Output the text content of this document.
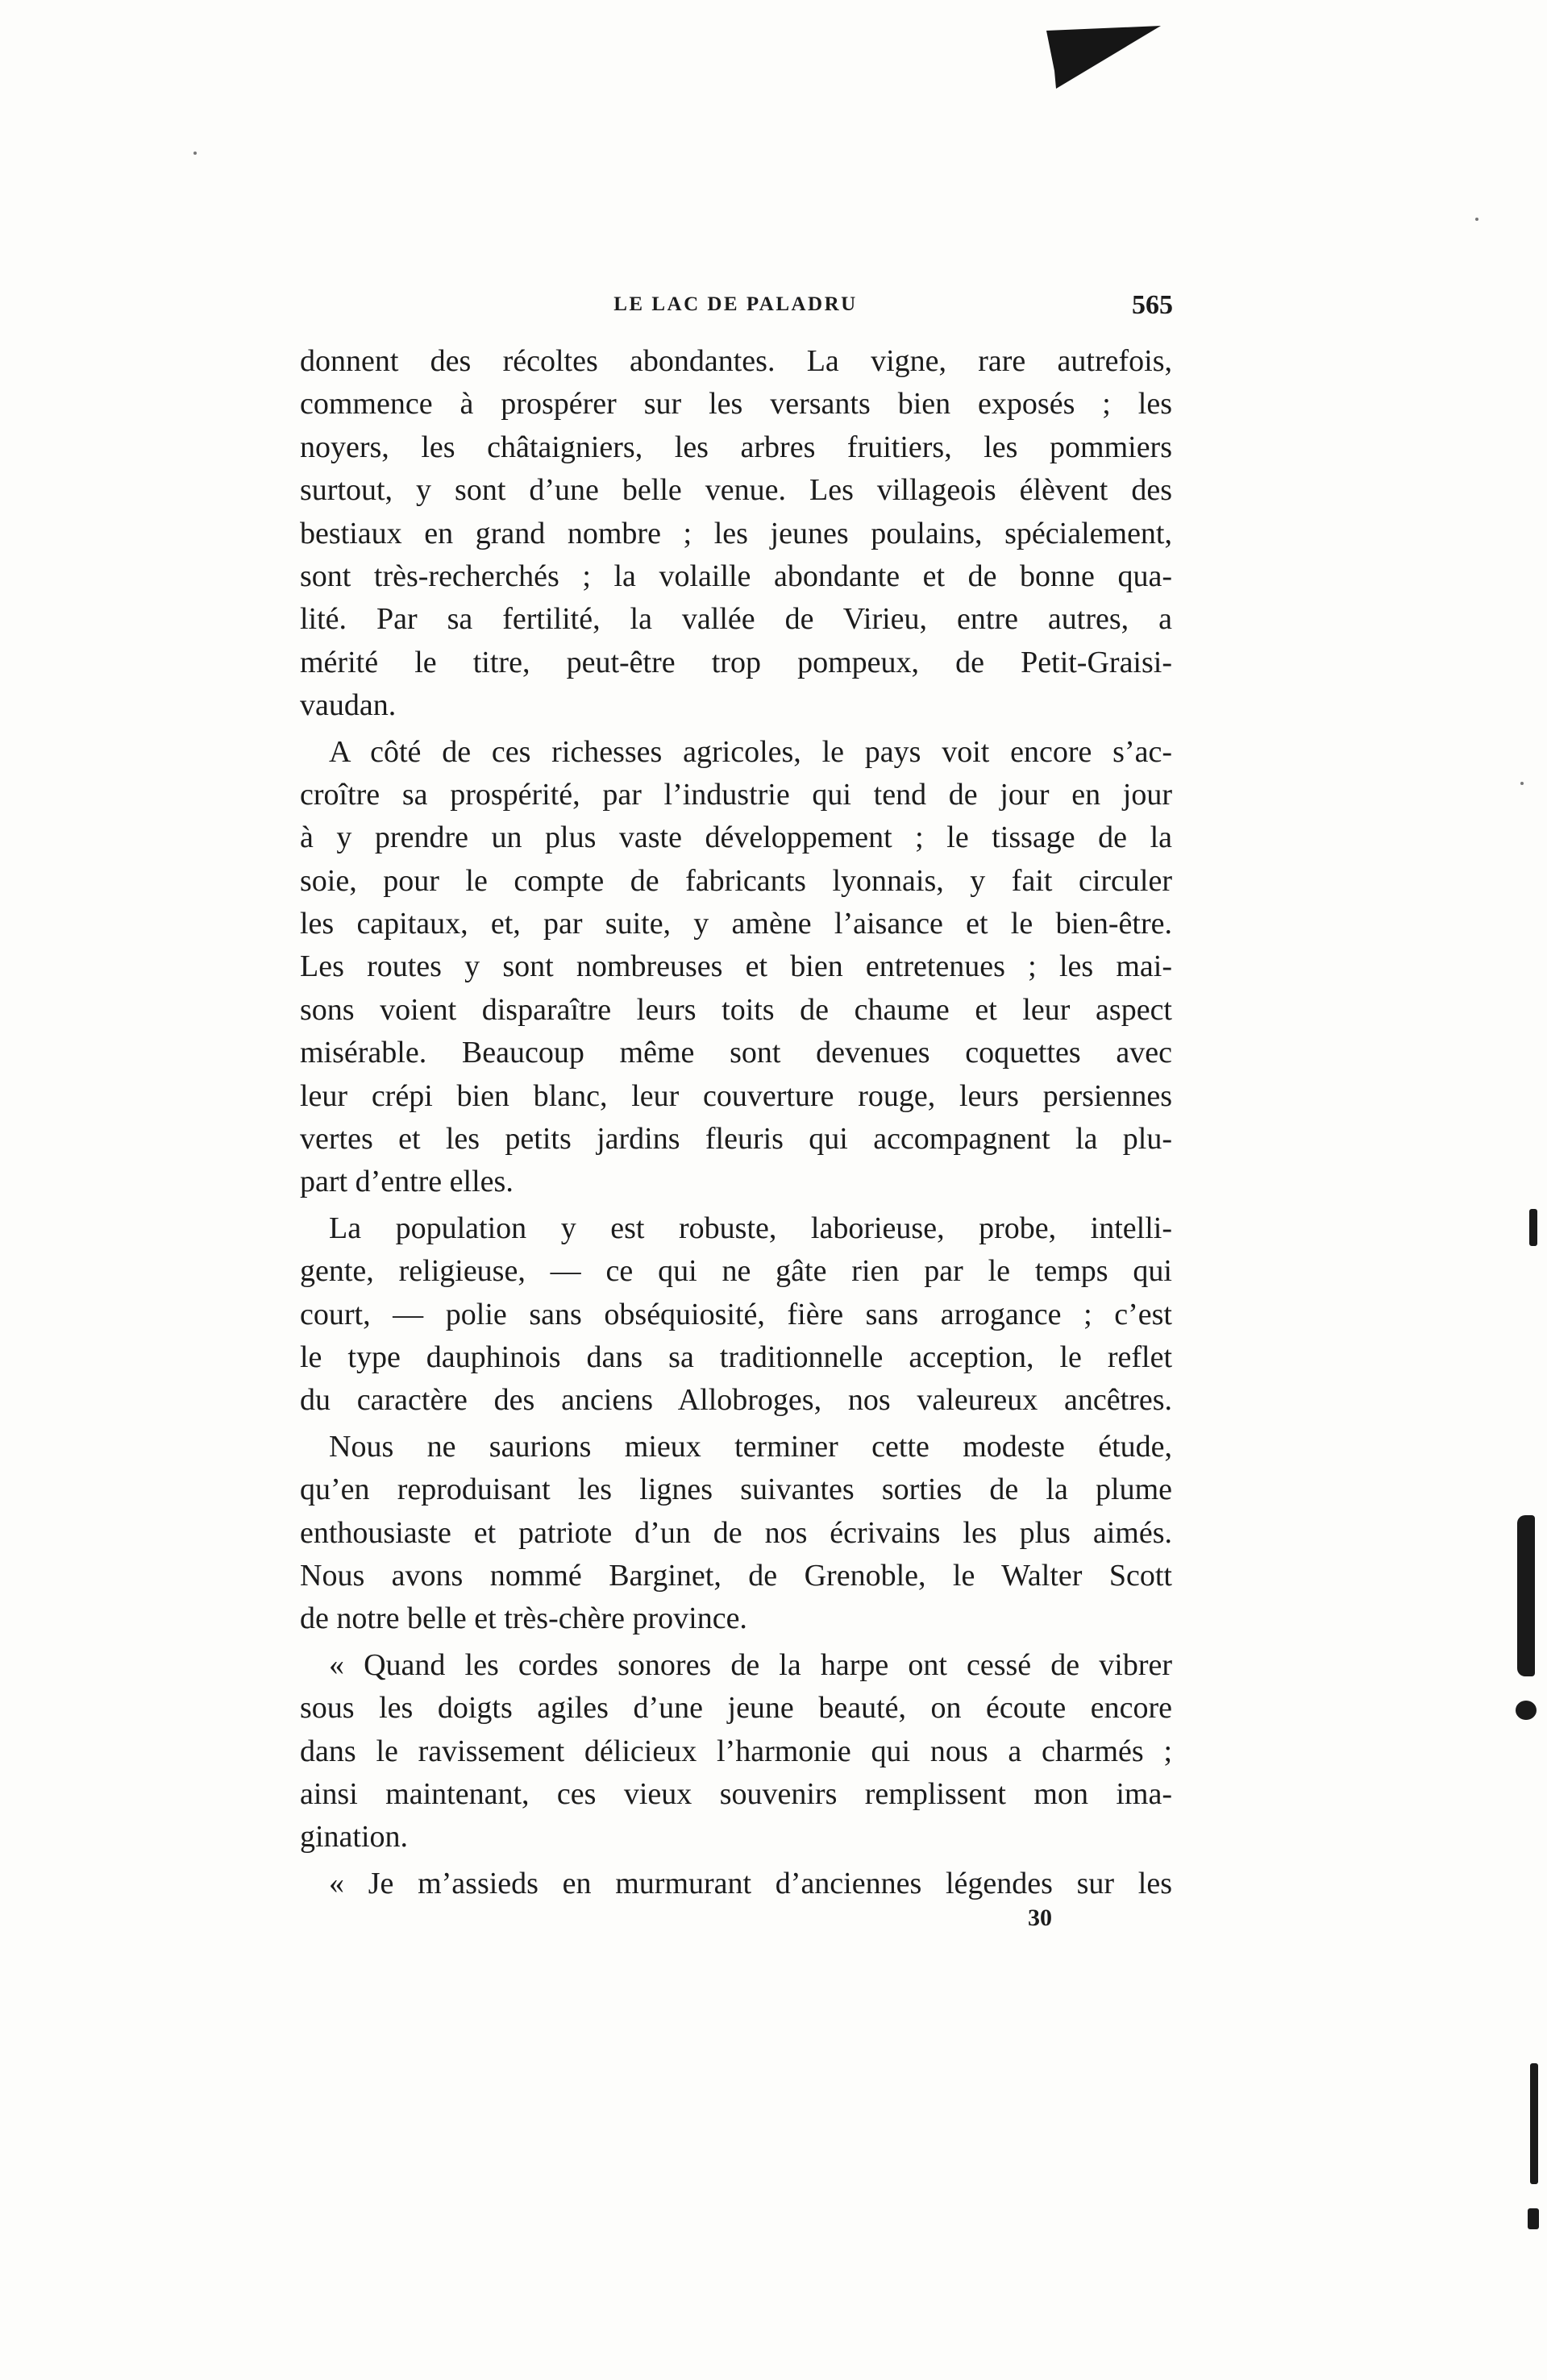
LE LAC DE PALADRU	565
donnent des récoltes abondantes. La vigne, rare autrefois,
commence à prospérer sur les versants bien exposés ; les
noyers, les châtaigniers, les arbres fruitiers, les pommiers
surtout, y sont d’une belle venue. Les villageois élèvent des
bestiaux en grand nombre ; les jeunes poulains, spécialement,
sont très-recherchés ; la volaille abondante et de bonne qua-
lité. Par sa fertilité, la vallée de Virieu, entre autres, a
mérité le titre, peut-être trop pompeux, de Petit-Graisi-
vaudan.
A côté de ces richesses agricoles, le pays voit encore s’ac-
croître sa prospérité, par l’industrie qui tend de jour en jour
à y prendre un plus vaste développement ; le tissage de la
soie, pour le compte de fabricants lyonnais, y fait circuler
les capitaux, et, par suite, y amène l’aisance et le bien-être.
Les routes y sont nombreuses et bien entretenues ; les mai-
sons voient disparaître leurs toits de chaume et leur aspect
misérable. Beaucoup même sont devenues coquettes avec
leur crépi bien blanc, leur couverture rouge, leurs persiennes
vertes et les petits jardins fleuris qui accompagnent la plu-
part d’entre elles.
La population y est robuste, laborieuse, probe, intelli-
gente, religieuse, — ce qui ne gâte rien par le temps qui
court, — polie sans obséquiosité, fière sans arrogance ; c’est
le type dauphinois dans sa traditionnelle acception, le reflet
du caractère des anciens Allobroges, nos valeureux ancêtres.
Nous ne saurions mieux terminer cette modeste étude,
qu’en reproduisant les lignes suivantes sorties de la plume
enthousiaste et patriote d’un de nos écrivains les plus aimés.
Nous avons nommé Barginet, de Grenoble, le Walter Scott
de notre belle et très-chère province.
« Quand les cordes sonores de la harpe ont cessé de vibrer
sous les doigts agiles d’une jeune beauté, on écoute encore
dans le ravissement délicieux l’harmonie qui nous a charmés ;
ainsi maintenant, ces vieux souvenirs remplissent mon ima-
gination.
« Je m’assieds en murmurant d’anciennes légendes sur les
30
